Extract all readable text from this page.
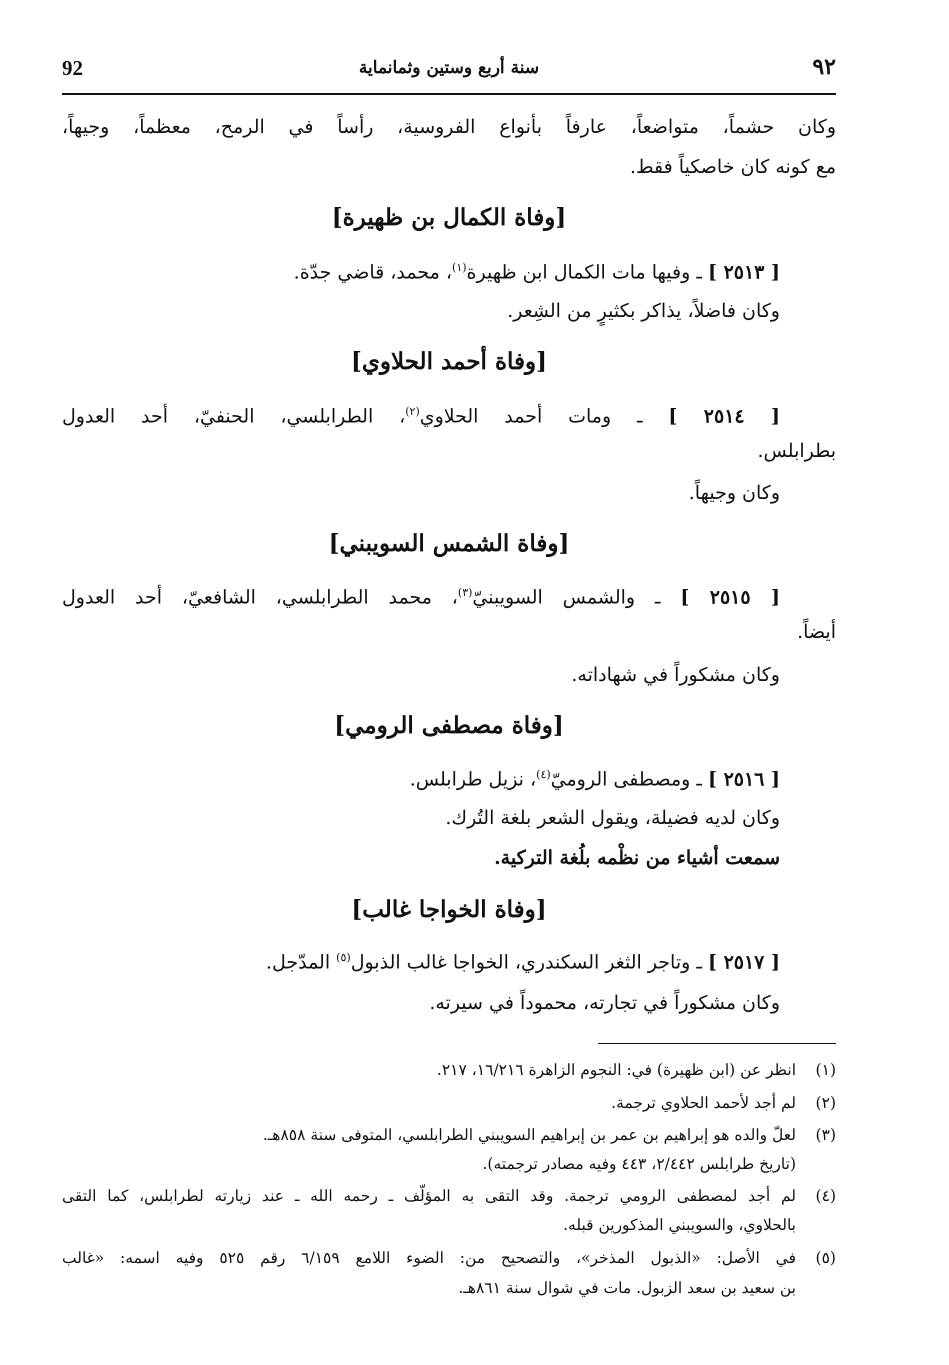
92	سنة أربع وستين وثمانماية	٩٢
وكان حشماً، متواضعاً، عارفاً بأنواع الفروسية، رأساً في الرمح، معظماً، وجيهاً،
مع كونه كان خاصكياً فقط.
[وفاة الكمال بن ظهيرة]
[ ٢٥١٣ ] ـ وفيها مات الكمال ابن ظهيرة$^{(١)}$، محمد، قاضي جدّة.
وكان فاضلاً، يذاكر بكثيرٍ من الشِعر.
[وفاة أحمد الحلاوي]
[ ٢٥١٤ ] ـ ومات أحمد الحلاوي$^{(٢)}$، الطرابلسي، الحنفيّ، أحد العدول
بطرابلس.
وكان وجيهاً.
[وفاة الشمس السويبني]
[ ٢٥١٥ ] ـ والشمس السويبنيّ$^{(٣)}$، محمد الطرابلسي، الشافعيّ، أحد العدول
أيضاً.
وكان مشكوراً في شهاداته.
[وفاة مصطفى الرومي]
[ ٢٥١٦ ] ـ ومصطفى الروميّ$^{(٤)}$، نزيل طرابلس.
وكان لديه فضيلة، ويقول الشعر بلغة التُرك.
سمعت أشياء من نظْمه بلُغة التركية.
[وفاة الخواجا غالب]
[ ٢٥١٧ ] ـ وتاجر الثغر السكندري، الخواجا غالب الذبول$^{(٥)}$ المدّجل.
وكان مشكوراً في تجارته، محموداً في سيرته.
(١)انظر عن (ابن ظهيرة) في: النجوم الزاهرة ١٦/٢١٦، ٢١٧.
(٢)لم أجد لأحمد الحلاوي ترجمة.
(٣)لعلّ والده هو إبراهيم بن عمر بن إبراهيم السويبني الطرابلسي، المتوفى سنة ٨٥٨هـ.
(تاريخ طرابلس ٢/٤٤٢، ٤٤٣ وفيه مصادر ترجمته).
(٤)لم أجد لمصطفى الرومي ترجمة. وقد التقى به المؤلّف ـ رحمه الله ـ عند زيارته لطرابلس، كما التقى
بالحلاوي، والسويبني المذكورين قبله.
(٥)في الأصل: «الذبول المذخر»، والتصحيح من: الضوء اللامع ٦/١٥٩ رقم ٥٢٥ وفيه اسمه: «غالب
بن سعيد بن سعد الزبول. مات في شوال سنة ٨٦١هـ.
